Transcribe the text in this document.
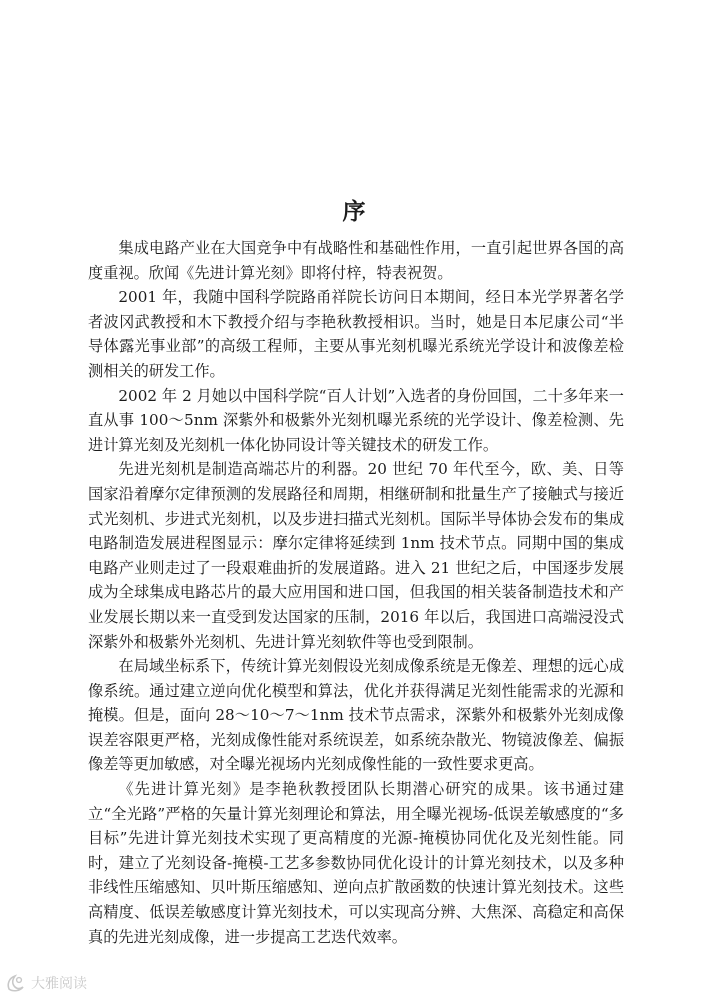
序

集成电路产业在大国竞争中有战略性和基础性作用，一直引起世界各国的高度重视。欣闻《先进计算光刻》即将付梓，特表祝贺。

2001 年，我随中国科学院路甬祥院长访问日本期间，经日本光学界著名学者波冈武教授和木下教授介绍与李艳秋教授相识。当时，她是日本尼康公司“半导体露光事业部”的高级工程师，主要从事光刻机曝光系统光学设计和波像差检测相关的研发工作。

2002 年 2 月她以中国科学院“百人计划”入选者的身份回国，二十多年来一直从事 100～5nm 深紫外和极紫外光刻机曝光系统的光学设计、像差检测、先进计算光刻及光刻机一体化协同设计等关键技术的研发工作。

先进光刻机是制造高端芯片的利器。20 世纪 70 年代至今，欧、美、日等国家沿着摩尔定律预测的发展路径和周期，相继研制和批量生产了接触式与接近式光刻机、步进式光刻机，以及步进扫描式光刻机。国际半导体协会发布的集成电路制造发展进程图显示：摩尔定律将延续到 1nm 技术节点。同期中国的集成电路产业则走过了一段艰难曲折的发展道路。进入 21 世纪之后，中国逐步发展成为全球集成电路芯片的最大应用国和进口国，但我国的相关装备制造技术和产业发展长期以来一直受到发达国家的压制，2016 年以后，我国进口高端浸没式深紫外和极紫外光刻机、先进计算光刻软件等也受到限制。

在局域坐标系下，传统计算光刻假设光刻成像系统是无像差、理想的远心成像系统。通过建立逆向优化模型和算法，优化并获得满足光刻性能需求的光源和掩模。但是，面向 28～10～7～1nm 技术节点需求，深紫外和极紫外光刻成像误差容限更严格，光刻成像性能对系统误差，如系统杂散光、物镜波像差、偏振像差等更加敏感，对全曝光视场内光刻成像性能的一致性要求更高。

《先进计算光刻》是李艳秋教授团队长期潜心研究的成果。该书通过建立“全光路”严格的矢量计算光刻理论和算法，用全曝光视场-低误差敏感度的“多目标”先进计算光刻技术实现了更高精度的光源-掩模协同优化及光刻性能。同时，建立了光刻设备-掩模-工艺多参数协同优化设计的计算光刻技术，以及多种非线性压缩感知、贝叶斯压缩感知、逆向点扩散函数的快速计算光刻技术。这些高精度、低误差敏感度计算光刻技术，可以实现高分辨、大焦深、高稳定和高保真的先进光刻成像，进一步提高工艺迭代效率。

大雅阅读
